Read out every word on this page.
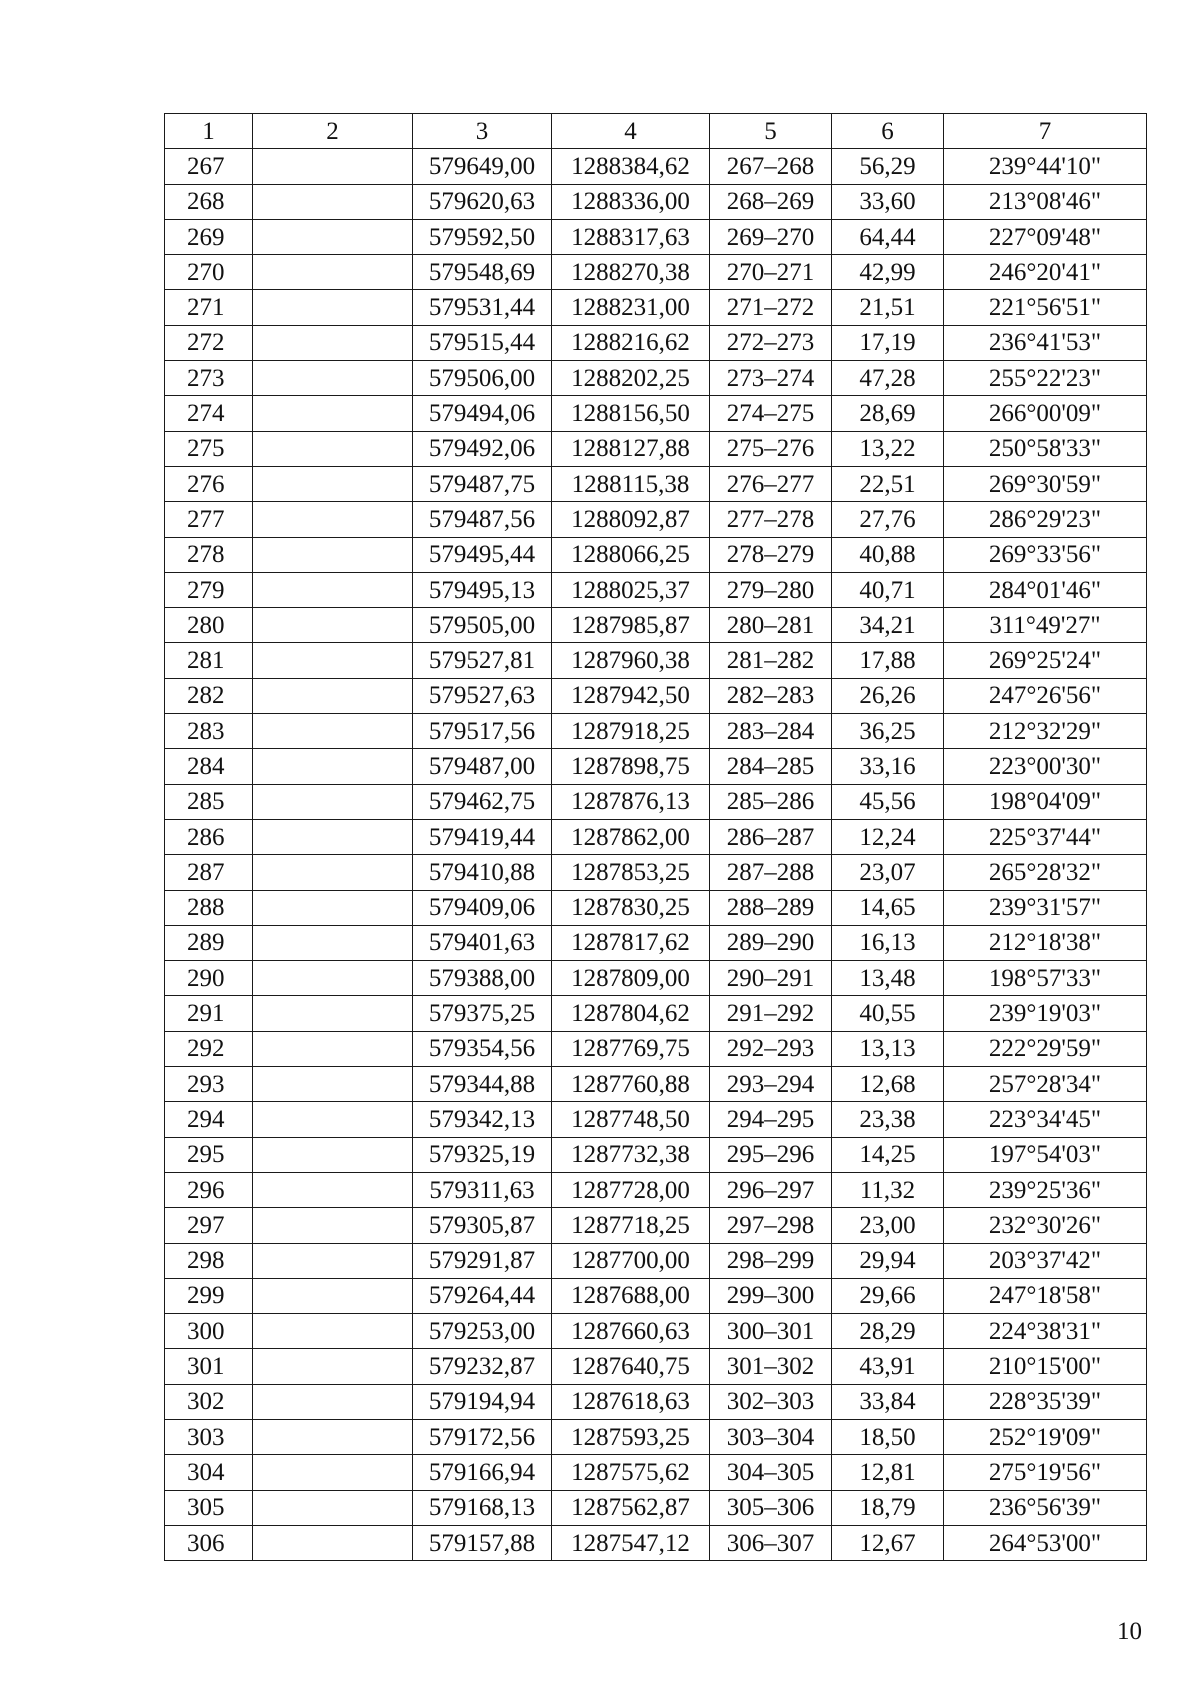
1	2	3	4	5	6	7
267		579649,00	1288384,62	267–268	56,29	239°44'10"
268		579620,63	1288336,00	268–269	33,60	213°08'46"
269		579592,50	1288317,63	269–270	64,44	227°09'48"
270		579548,69	1288270,38	270–271	42,99	246°20'41"
271		579531,44	1288231,00	271–272	21,51	221°56'51"
272		579515,44	1288216,62	272–273	17,19	236°41'53"
273		579506,00	1288202,25	273–274	47,28	255°22'23"
274		579494,06	1288156,50	274–275	28,69	266°00'09"
275		579492,06	1288127,88	275–276	13,22	250°58'33"
276		579487,75	1288115,38	276–277	22,51	269°30'59"
277		579487,56	1288092,87	277–278	27,76	286°29'23"
278		579495,44	1288066,25	278–279	40,88	269°33'56"
279		579495,13	1288025,37	279–280	40,71	284°01'46"
280		579505,00	1287985,87	280–281	34,21	311°49'27"
281		579527,81	1287960,38	281–282	17,88	269°25'24"
282		579527,63	1287942,50	282–283	26,26	247°26'56"
283		579517,56	1287918,25	283–284	36,25	212°32'29"
284		579487,00	1287898,75	284–285	33,16	223°00'30"
285		579462,75	1287876,13	285–286	45,56	198°04'09"
286		579419,44	1287862,00	286–287	12,24	225°37'44"
287		579410,88	1287853,25	287–288	23,07	265°28'32"
288		579409,06	1287830,25	288–289	14,65	239°31'57"
289		579401,63	1287817,62	289–290	16,13	212°18'38"
290		579388,00	1287809,00	290–291	13,48	198°57'33"
291		579375,25	1287804,62	291–292	40,55	239°19'03"
292		579354,56	1287769,75	292–293	13,13	222°29'59"
293		579344,88	1287760,88	293–294	12,68	257°28'34"
294		579342,13	1287748,50	294–295	23,38	223°34'45"
295		579325,19	1287732,38	295–296	14,25	197°54'03"
296		579311,63	1287728,00	296–297	11,32	239°25'36"
297		579305,87	1287718,25	297–298	23,00	232°30'26"
298		579291,87	1287700,00	298–299	29,94	203°37'42"
299		579264,44	1287688,00	299–300	29,66	247°18'58"
300		579253,00	1287660,63	300–301	28,29	224°38'31"
301		579232,87	1287640,75	301–302	43,91	210°15'00"
302		579194,94	1287618,63	302–303	33,84	228°35'39"
303		579172,56	1287593,25	303–304	18,50	252°19'09"
304		579166,94	1287575,62	304–305	12,81	275°19'56"
305		579168,13	1287562,87	305–306	18,79	236°56'39"
306		579157,88	1287547,12	306–307	12,67	264°53'00"
10
